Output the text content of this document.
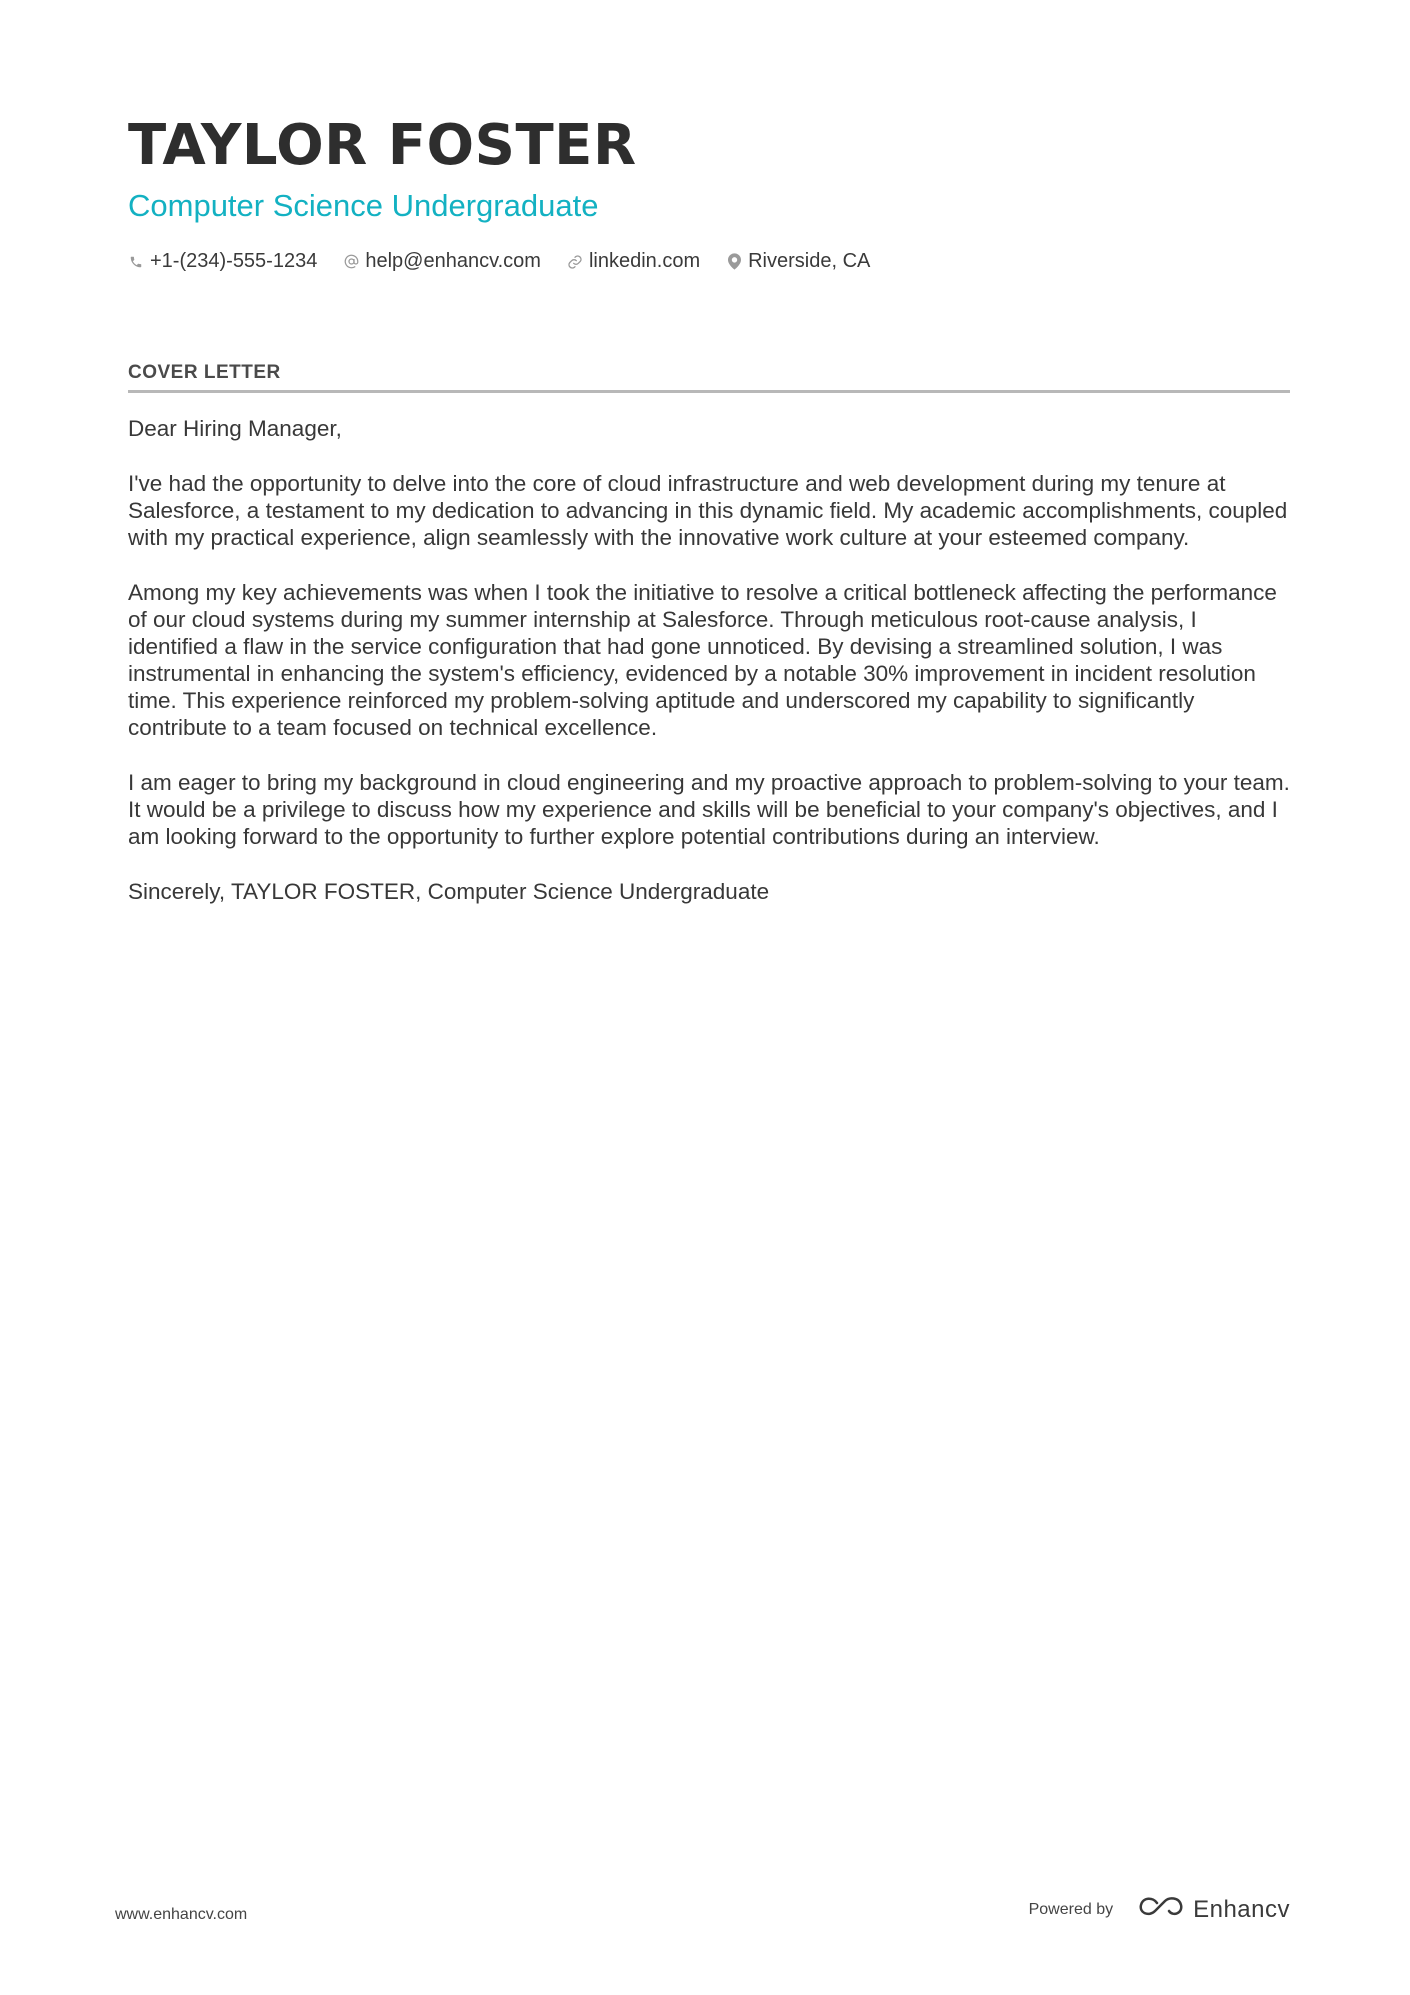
TAYLOR FOSTER
Computer Science Undergraduate
+1-(234)-555-1234 help@enhancv.com linkedin.com Riverside, CA
COVER LETTER

Dear Hiring Manager,

I've had the opportunity to delve into the core of cloud infrastructure and web development during my tenure at Salesforce, a testament to my dedication to advancing in this dynamic field. My academic accomplishments, coupled with my practical experience, align seamlessly with the innovative work culture at your esteemed company.

Among my key achievements was when I took the initiative to resolve a critical bottleneck affecting the performance of our cloud systems during my summer internship at Salesforce. Through meticulous root-cause analysis, I identified a flaw in the service configuration that had gone unnoticed. By devising a streamlined solution, I was instrumental in enhancing the system's efficiency, evidenced by a notable 30% improvement in incident resolution time. This experience reinforced my problem-solving aptitude and underscored my capability to significantly contribute to a team focused on technical excellence.

I am eager to bring my background in cloud engineering and my proactive approach to problem-solving to your team. It would be a privilege to discuss how my experience and skills will be beneficial to your company's objectives, and I am looking forward to the opportunity to further explore potential contributions during an interview.

Sincerely, TAYLOR FOSTER, Computer Science Undergraduate

www.enhancv.com	Powered by	Enhancv
